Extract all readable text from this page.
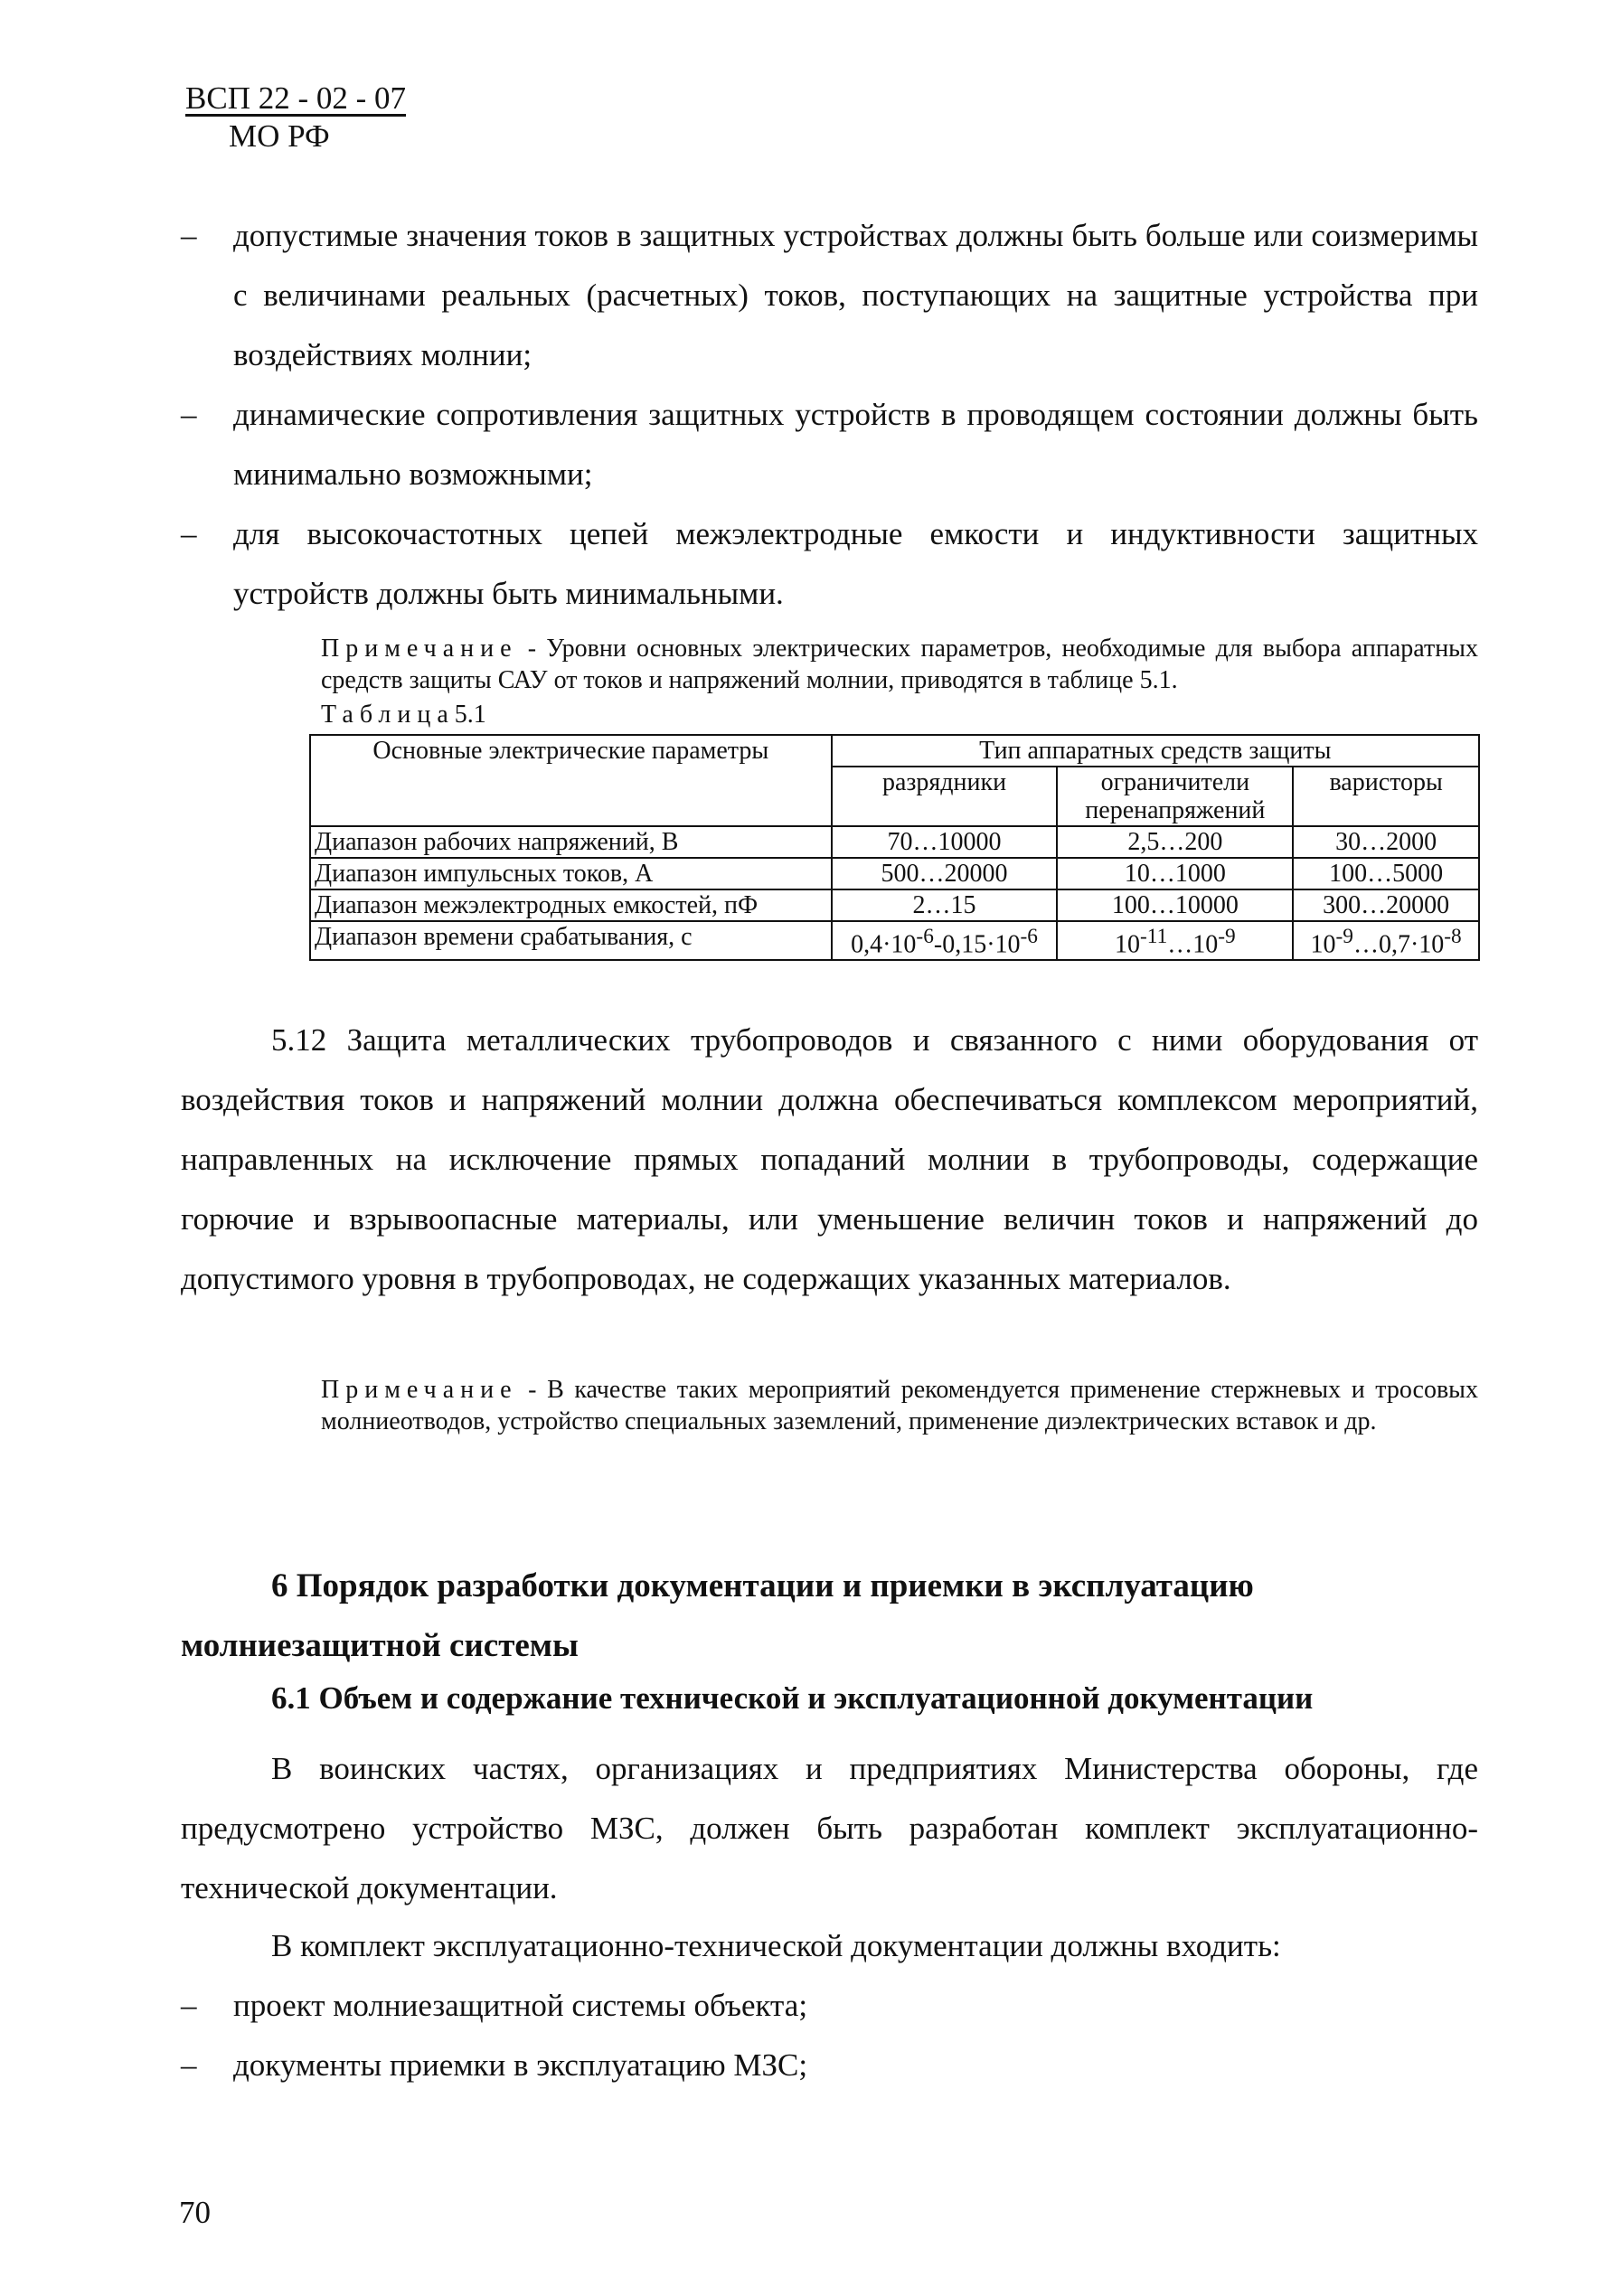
ВСП 22 - 02 - 07
МО РФ
– допустимые значения токов в защитных устройствах должны быть больше или соизмеримы с величинами реальных (расчетных) токов, поступающих на защитные устройства при воздействиях молнии;
– динамические сопротивления защитных устройств в проводящем состоянии должны быть минимально возможными;
– для высокочастотных цепей межэлектродные емкости и индуктивности защитных устройств должны быть минимальными.
Примечание - Уровни основных электрических параметров, необходимые для выбора аппаратных средств защиты САУ от токов и напряжений молнии, приводятся в таблице 5.1.
Таблица5.1
Основные электрические параметры	Тип аппаратных средств защиты		
	разрядники	ограничители перенапряжений	варисторы
Диапазон рабочих напряжений, В	70…10000	2,5…200	30…2000
Диапазон импульсных токов, А	500…20000	10…1000	100…5000
Диапазон межэлектродных емкостей, пФ	2…15	100…10000	300…20000
Диапазон времени срабатывания, с	$0,4\cdot 10^{-6}-0,15\cdot 10^{-6}$	$10^{-11}\dots 10^{-9}$	$10^{-9}\dots 0,7\cdot 10^{-8}$
5.12 Защита металлических трубопроводов и связанного с ними оборудования от воздействия токов и напряжений молнии должна обеспечиваться комплексом мероприятий, направленных на исключение прямых попаданий молнии в трубопроводы, содержащие горючие и взрывоопасные материалы, или уменьшение величин токов и напряжений до допустимого уровня в трубопроводах, не содержащих указанных материалов.
Примечание - В качестве таких мероприятий рекомендуется применение стержневых и тросовых молниеотводов, устройство специальных заземлений, применение диэлектрических вставок и др.
6 Порядок разработки документации и приемки в эксплуатацию молниезащитной системы
6.1 Объем и содержание технической и эксплуатационной документации
В воинских частях, организациях и предприятиях Министерства обороны, где предусмотрено устройство МЗС, должен быть разработан комплект эксплуатационно-технической документации.
В комплект эксплуатационно-технической документации должны входить:
– проект молниезащитной системы объекта;
– документы приемки в эксплуатацию МЗС;
70
